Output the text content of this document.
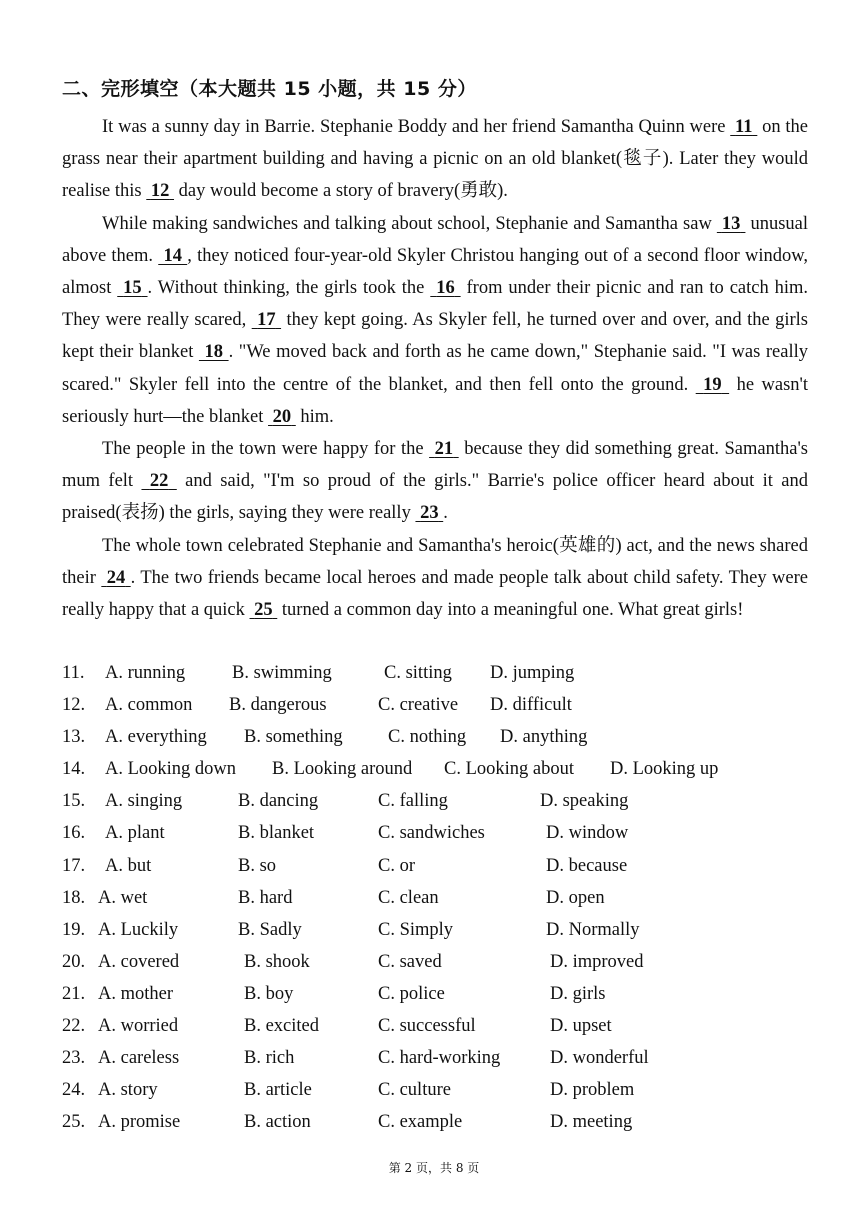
二、完形填空（本大题共 15 小题，共 15 分）

It was a sunny day in Barrie. Stephanie Boddy and her friend Samantha Quinn were 11 on the grass near their apartment building and having a picnic on an old blanket(毯子). Later they would realise this 12 day would become a story of bravery(勇敢).

While making sandwiches and talking about school, Stephanie and Samantha saw 13 unusual above them. 14 , they noticed four-year-old Skyler Christou hanging out of a second floor window, almost 15 . Without thinking, the girls took the 16 from under their picnic and ran to catch him. They were really scared, 17 they kept going. As Skyler fell, he turned over and over, and the girls kept their blanket 18 . "We moved back and forth as he came down," Stephanie said. "I was really scared." Skyler fell into the centre of the blanket, and then fell onto the ground. 19 he wasn't seriously hurt—the blanket 20 him.

The people in the town were happy for the 21 because they did something great. Samantha's mum felt 22 and said, "I'm so proud of the girls." Barrie's police officer heard about it and praised(表扬) the girls, saying they were really 23 .

The whole town celebrated Stephanie and Samantha's heroic(英雄的) act, and the news shared their 24 . The two friends became local heroes and made people talk about child safety. They were really happy that a quick 25 turned a common day into a meaningful one. What great girls!

11. A. running	B. swimming	C. sitting D. jumping
12. A. common B. dangerous	C. creative D. difficult
13. A. everything B. something C. nothing D. anything
14. A. Looking down B. Looking around C. Looking about D. Looking up
15. A. singing	B. dancing	C. falling	D. speaking
16. A. plant	B. blanket	C. sandwiches	D. window
17. A. but	B. so	C. or	D. because
18. A. wet	B. hard	C. clean	D. open
19. A. Luckily	B. Sadly	C. Simply	D. Normally
20. A. covered	B. shook	C. saved	D. improved
21. A. mother	B. boy	C. police	D. girls
22. A. worried	B. excited	C. successful	D. upset
23. A. careless	B. rich	C. hard-working	D. wonderful
24. A. story	B. article	C. culture	D. problem
25. A. promise	B. action	C. example	D. meeting
第 2 页，共 8 页
